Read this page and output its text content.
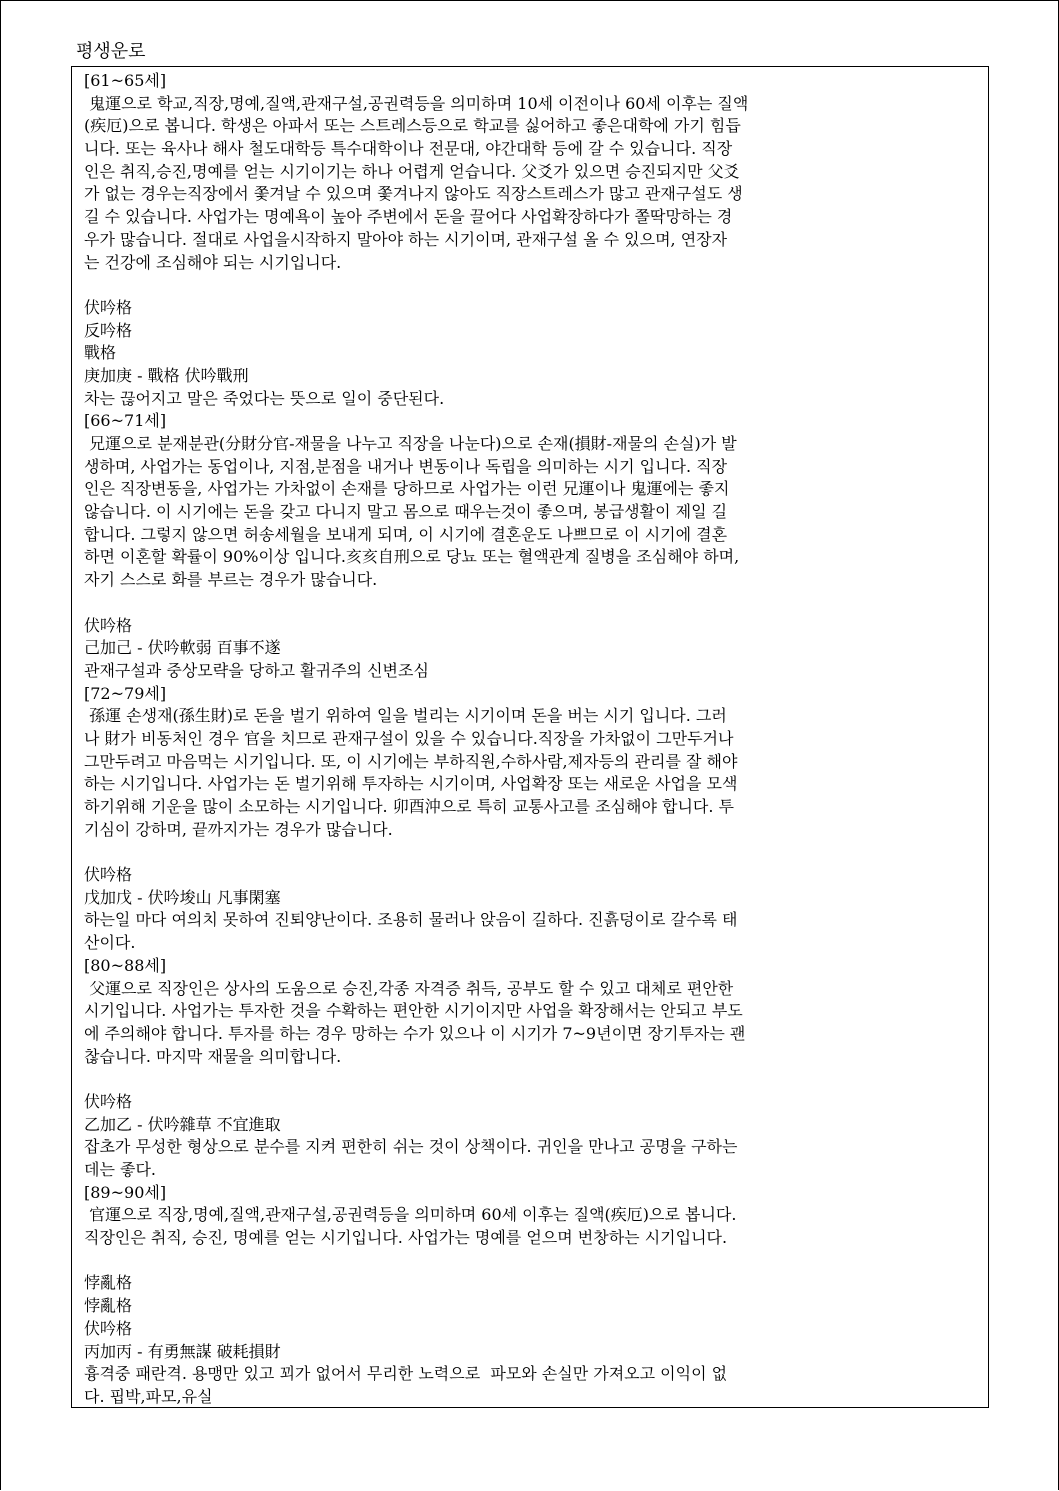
평생운로
[61~65세]
鬼運으로 학교,직장,명예,질액,관재구설,공권력등을 의미하며 10세 이전이나 60세 이후는 질액
(疾厄)으로 봅니다. 학생은 아파서 또는 스트레스등으로 학교를 싫어하고 좋은대학에 가기 힘듭
니다. 또는 육사나 해사 철도대학등 특수대학이나 전문대, 야간대학 등에 갈 수 있습니다. 직장
인은 취직,승진,명예를 얻는 시기이기는 하나 어렵게 얻습니다. 父爻가 있으면 승진되지만 父爻
가 없는 경우는직장에서 쫓겨날 수 있으며 쫓겨나지 않아도 직장스트레스가 많고 관재구설도 생
길 수 있습니다. 사업가는 명예욕이 높아 주변에서 돈을 끌어다 사업확장하다가 쫄딱망하는 경
우가 많습니다. 절대로 사업을시작하지 말아야 하는 시기이며, 관재구설 올 수 있으며, 연장자
는 건강에 조심해야 되는 시기입니다.
伏吟格
反吟格
戰格
庚加庚 - 戰格 伏吟戰刑
차는 끊어지고 말은 죽었다는 뜻으로 일이 중단된다.
[66~71세]
兄運으로 분재분관(分財分官-재물을 나누고 직장을 나눈다)으로 손재(損財-재물의 손실)가 발
생하며, 사업가는 동업이나, 지점,분점을 내거나 변동이나 독립을 의미하는 시기 입니다. 직장
인은 직장변동을, 사업가는 가차없이 손재를 당하므로 사업가는 이런 兄運이나 鬼運에는 좋지
않습니다. 이 시기에는 돈을 갖고 다니지 말고 몸으로 때우는것이 좋으며, 봉급생활이 제일 길
합니다. 그렇지 않으면 허송세월을 보내게 되며, 이 시기에 결혼운도 나쁘므로 이 시기에 결혼
하면 이혼할 확률이 90%이상 입니다.亥亥自刑으로 당뇨 또는 혈액관계 질병을 조심해야 하며,
자기 스스로 화를 부르는 경우가 많습니다.
伏吟格
己加己 - 伏吟軟弱 百事不遂
관재구설과 중상모략을 당하고 활귀주의 신변조심
[72~79세]
孫運 손생재(孫生財)로 돈을 벌기 위하여 일을 벌리는 시기이며 돈을 버는 시기 입니다. 그러
나 財가 비동처인 경우 官을 치므로 관재구설이 있을 수 있습니다.직장을 가차없이 그만두거나
그만두려고 마음먹는 시기입니다. 또, 이 시기에는 부하직원,수하사람,제자등의 관리를 잘 해야
하는 시기입니다. 사업가는 돈 벌기위해 투자하는 시기이며, 사업확장 또는 새로운 사업을 모색
하기위해 기운을 많이 소모하는 시기입니다. 卯酉沖으로 특히 교통사고를 조심해야 합니다. 투
기심이 강하며, 끝까지가는 경우가 많습니다.
伏吟格
戊加戊 - 伏吟埈山 凡事閑塞
하는일 마다 여의치 못하여 진퇴양난이다. 조용히 물러나 앉음이 길하다. 진흙덩이로 갈수록 태
산이다.
[80~88세]
父運으로 직장인은 상사의 도움으로 승진,각종 자격증 취득, 공부도 할 수 있고 대체로 편안한
시기입니다. 사업가는 투자한 것을 수확하는 편안한 시기이지만 사업을 확장해서는 안되고 부도
에 주의해야 합니다. 투자를 하는 경우 망하는 수가 있으나 이 시기가 7~9년이면 장기투자는 괜
찮습니다. 마지막 재물을 의미합니다.
伏吟格
乙加乙 - 伏吟雜草 不宜進取
잡초가 무성한 형상으로 분수를 지켜 편한히 쉬는 것이 상책이다. 귀인을 만나고 공명을 구하는
데는 좋다.
[89~90세]
官運으로 직장,명예,질액,관재구설,공권력등을 의미하며 60세 이후는 질액(疾厄)으로 봅니다.
직장인은 취직, 승진, 명예를 얻는 시기입니다. 사업가는 명예를 얻으며 번창하는 시기입니다.
悖亂格
悖亂格
伏吟格
丙加丙 - 有勇無謀 破耗損財
흉격중 패란격. 용맹만 있고 꾀가 없어서 무리한 노력으로  파모와 손실만 가져오고 이익이 없
다. 핍박,파모,유실
